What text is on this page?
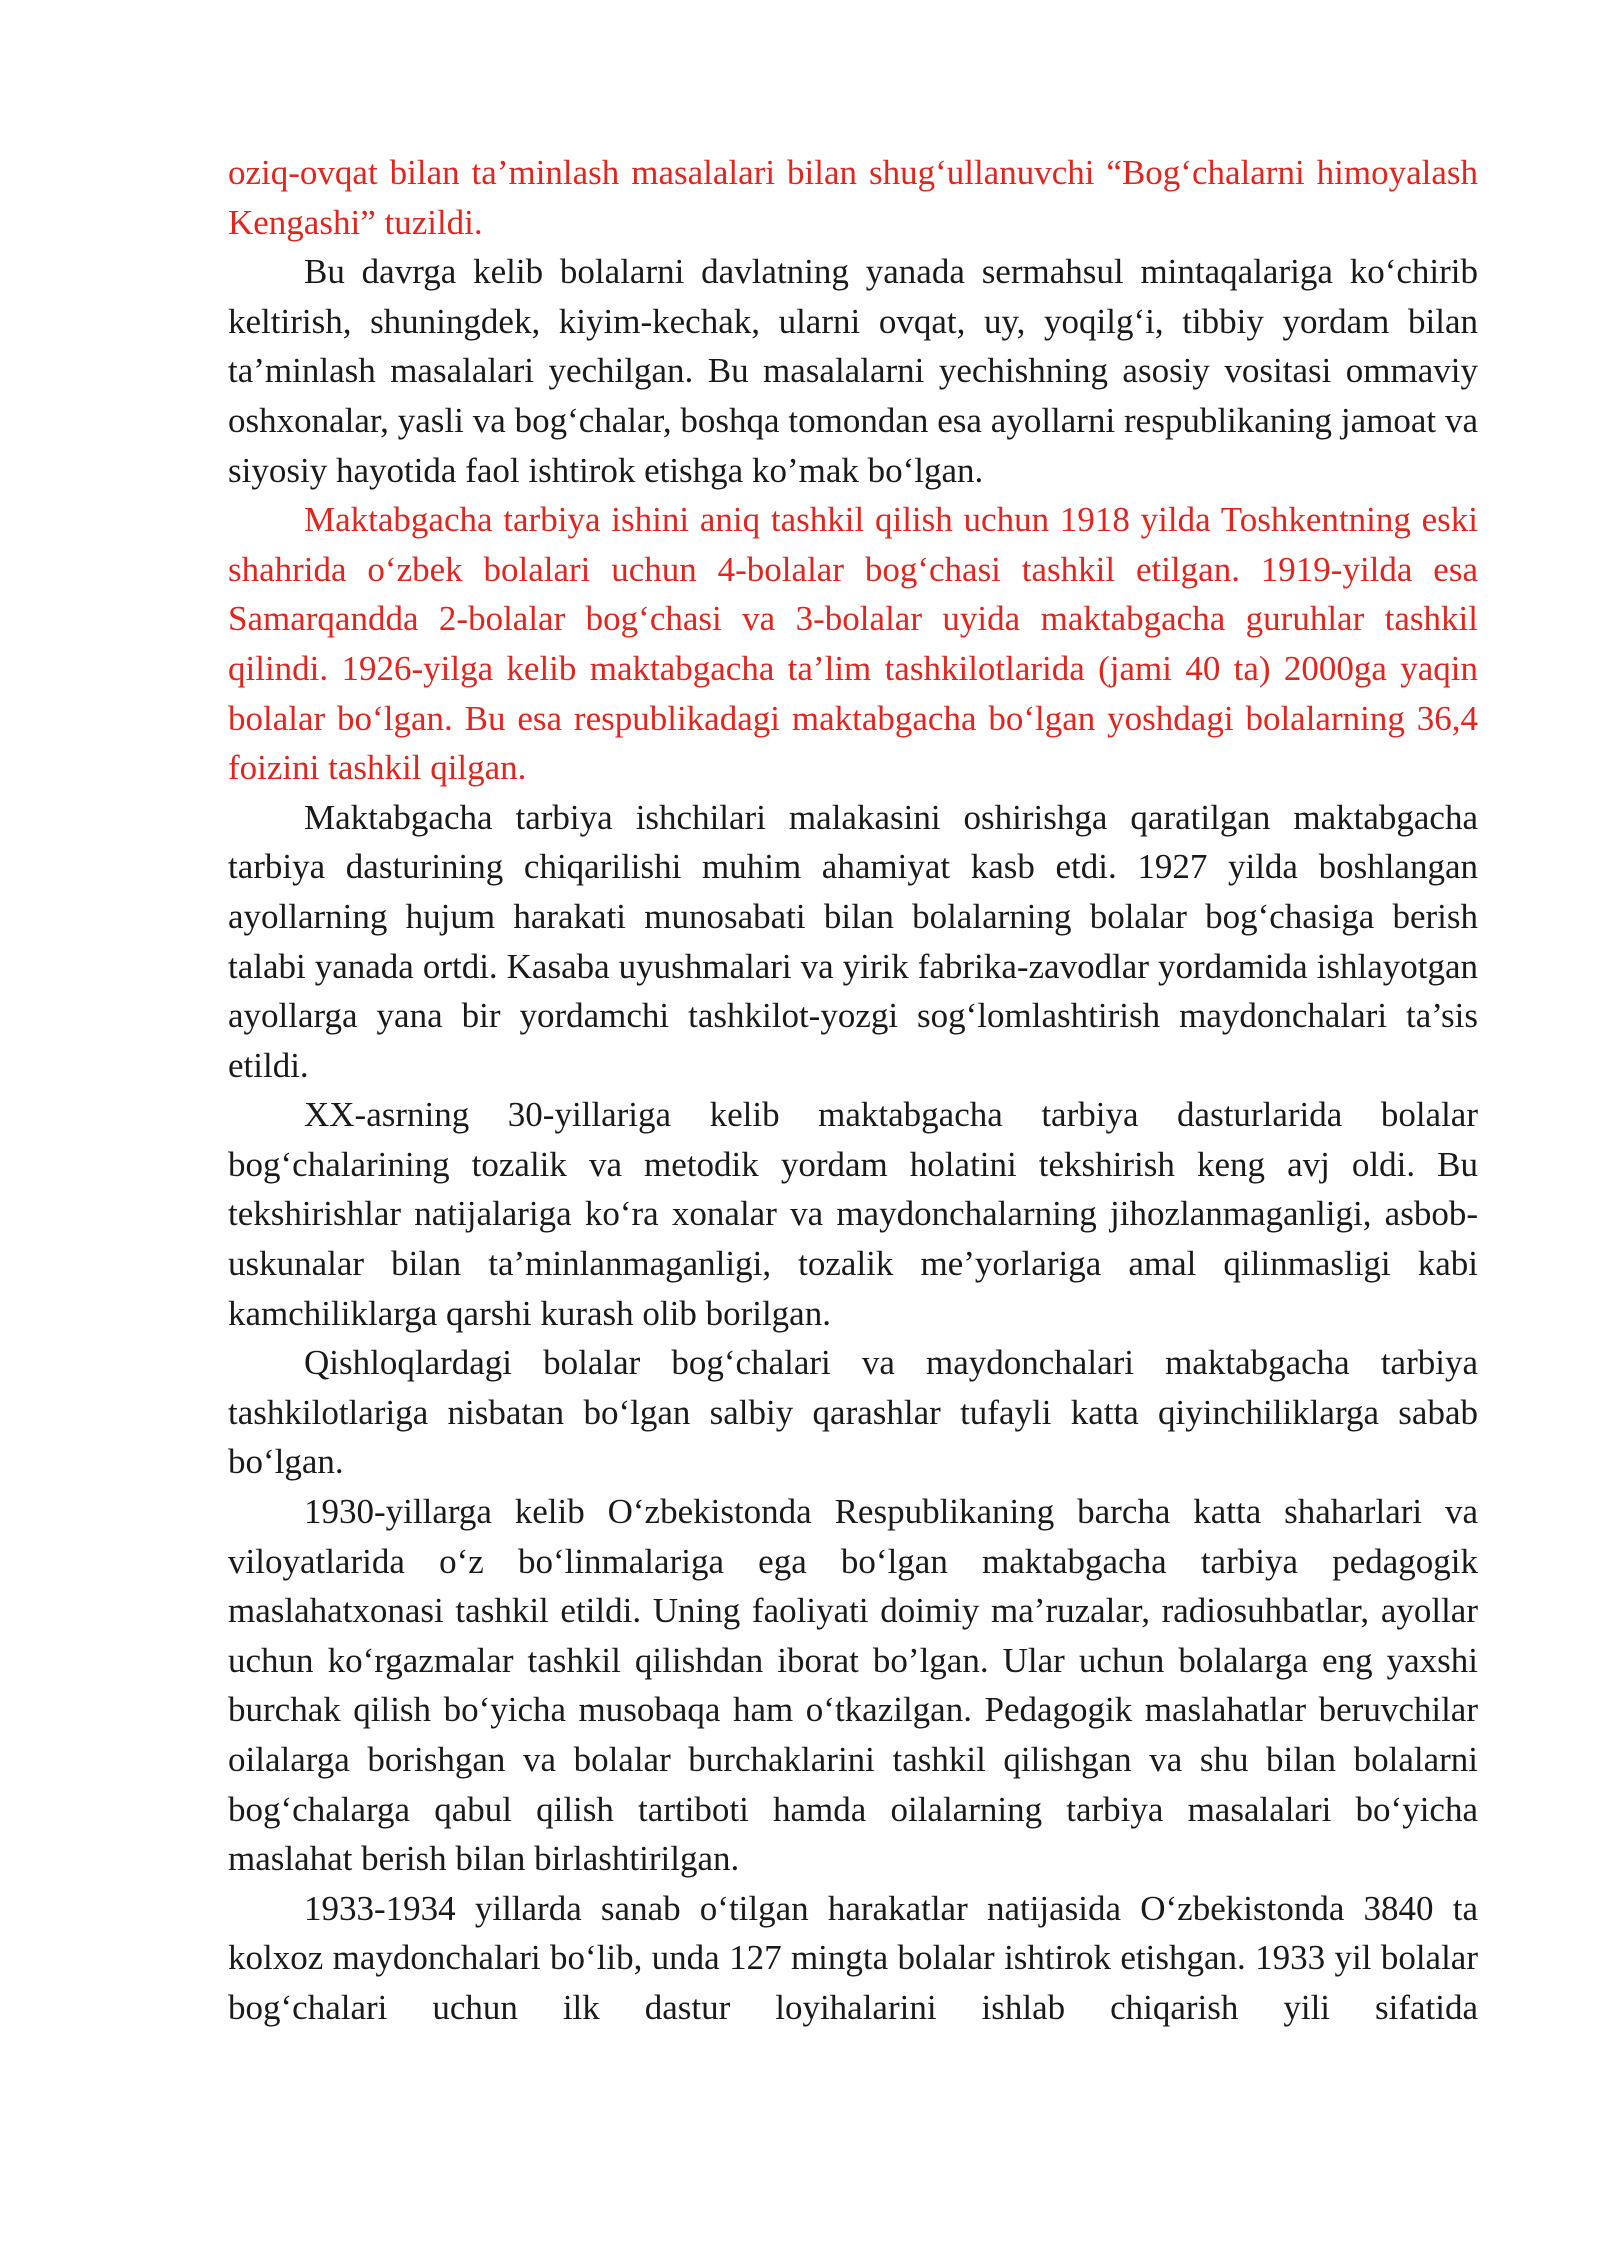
oziq-ovqat bilan ta’minlash masalalari bilan shug‘ullanuvchi “Bog‘chalarni himoyalash Kengashi” tuzildi.

Bu davrga kelib bolalarni davlatning yanada sermahsul mintaqalariga ko‘chirib keltirish, shuningdek, kiyim-kechak, ularni ovqat, uy, yoqilg‘i, tibbiy yordam bilan ta’minlash masalalari yechilgan. Bu masalalarni yechishning asosiy vositasi ommaviy oshxonalar, yasli va bog‘chalar, boshqa tomondan esa ayollarni respublikaning jamoat va siyosiy hayotida faol ishtirok etishga ko’mak bo‘lgan.

Maktabgacha tarbiya ishini aniq tashkil qilish uchun 1918 yilda Toshkentning eski shahrida o‘zbek bolalari uchun 4-bolalar bog‘chasi tashkil etilgan. 1919-yilda esa Samarqandda 2-bolalar bog‘chasi va 3-bolalar uyida maktabgacha guruhlar tashkil qilindi. 1926-yilga kelib maktabgacha ta’lim tashkilotlarida (jami 40 ta) 2000ga yaqin bolalar bo‘lgan. Bu esa respublikadagi maktabgacha bo‘lgan yoshdagi bolalarning 36,4 foizini tashkil qilgan.

Maktabgacha tarbiya ishchilari malakasini oshirishga qaratilgan maktabgacha tarbiya dasturining chiqarilishi muhim ahamiyat kasb etdi. 1927 yilda boshlangan ayollarning hujum harakati munosabati bilan bolalarning bolalar bog‘chasiga berish talabi yanada ortdi. Kasaba uyushmalari va yirik fabrika-zavodlar yordamida ishlayotgan ayollarga yana bir yordamchi tashkilot-yozgi sog‘lomlashtirish maydonchalari ta’sis etildi.

XX-asrning 30-yillariga kelib maktabgacha tarbiya dasturlarida bolalar bog‘chalarining tozalik va metodik yordam holatini tekshirish keng avj oldi. Bu tekshirishlar natijalariga ko‘ra xonalar va maydonchalarning jihozlanmaganligi, asbob-uskunalar bilan ta’minlanmaganligi, tozalik me’yorlariga amal qilinmasligi kabi kamchiliklarga qarshi kurash olib borilgan.

Qishloqlardagi bolalar bog‘chalari va maydonchalari maktabgacha tarbiya tashkilotlariga nisbatan bo‘lgan salbiy qarashlar tufayli katta qiyinchiliklarga sabab bo‘lgan.

1930-yillarga kelib O‘zbekistonda Respublikaning barcha katta shaharlari va viloyatlarida o‘z bo‘linmalariga ega bo‘lgan maktabgacha tarbiya pedagogik maslahatxonasi tashkil etildi. Uning faoliyati doimiy ma’ruzalar, radiosuhbatlar, ayollar uchun ko‘rgazmalar tashkil qilishdan iborat bo’lgan. Ular uchun bolalarga eng yaxshi burchak qilish bo‘yicha musobaqa ham o‘tkazilgan. Pedagogik maslahatlar beruvchilar oilalarga borishgan va bolalar burchaklarini tashkil qilishgan va shu bilan bolalarni bog‘chalarga qabul qilish tartiboti hamda oilalarning tarbiya masalalari bo‘yicha maslahat berish bilan birlashtirilgan.

1933-1934 yillarda sanab o‘tilgan harakatlar natijasida O‘zbekistonda 3840 ta kolxoz maydonchalari bo‘lib, unda 127 mingta bolalar ishtirok etishgan. 1933 yil bolalar bog‘chalari uchun ilk dastur loyihalarini ishlab chiqarish yili sifatida
